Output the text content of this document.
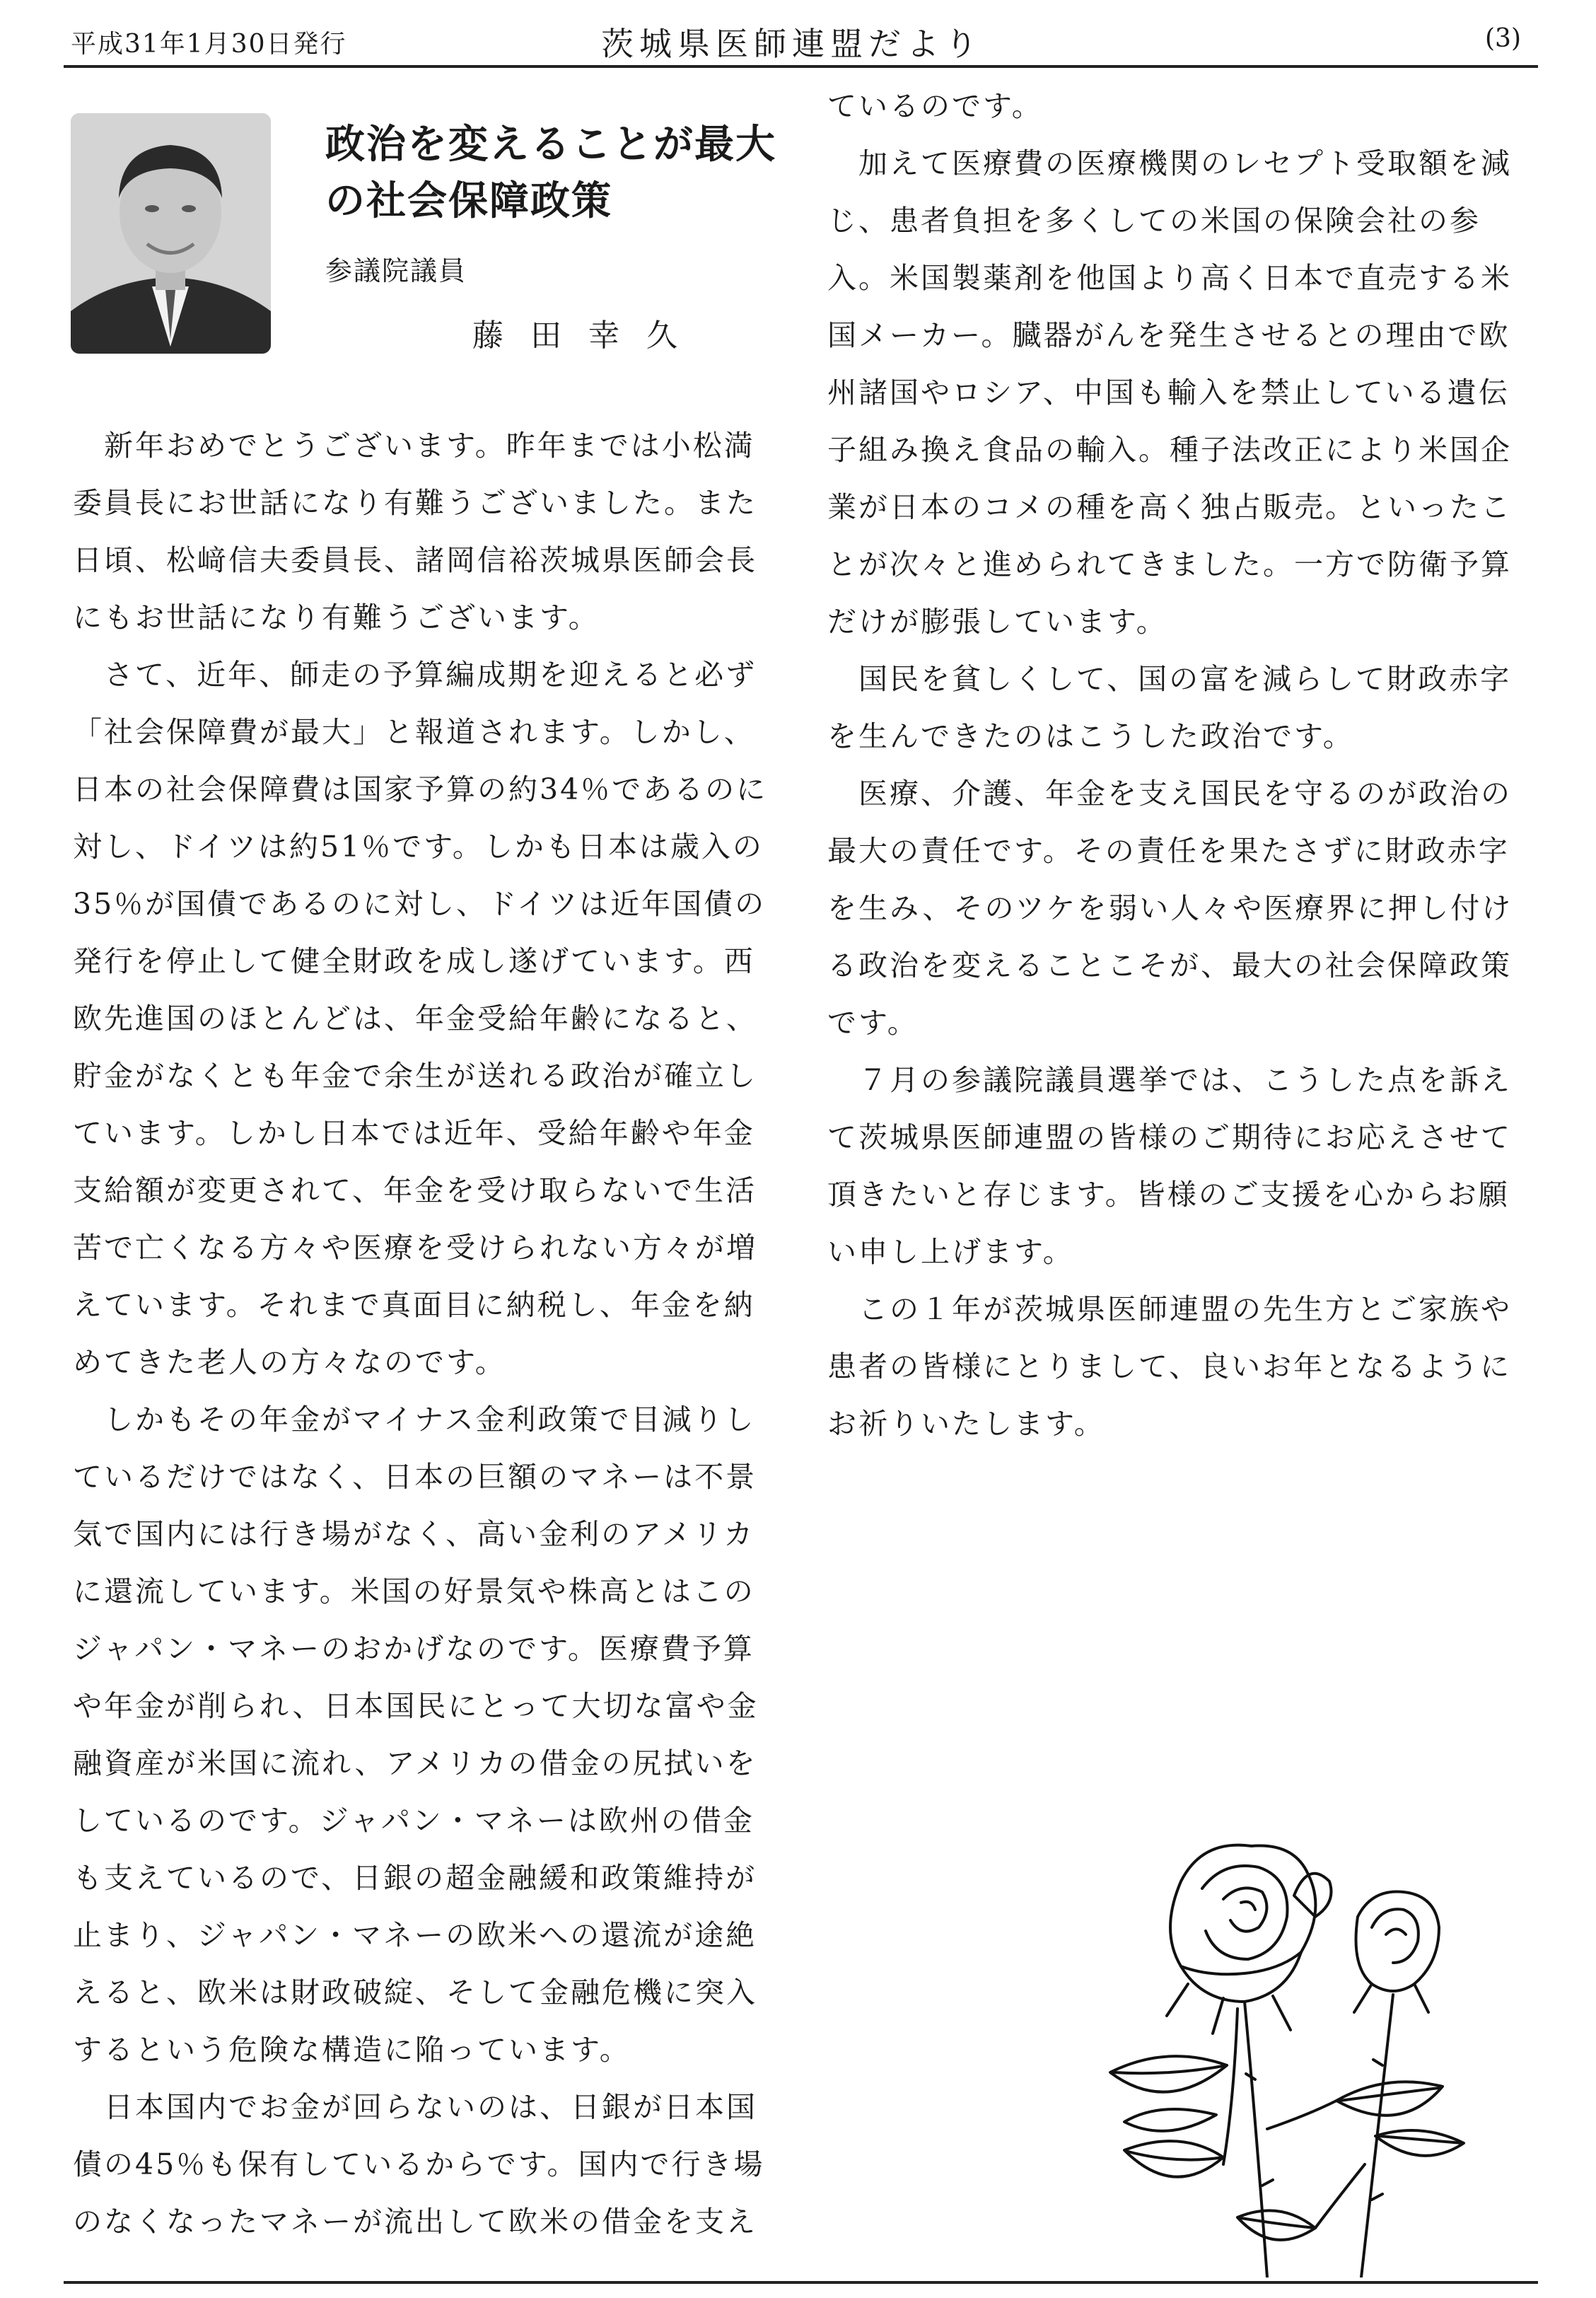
平成31年1月30日発行	茨城県医師連盟だより	(3)
政治を変えることが最大
の社会保障政策
参議院議員
藤田幸久
　新年おめでとうございます。昨年までは小松満
委員長にお世話になり有難うございました。また
日頃、松﨑信夫委員長、諸岡信裕茨城県医師会長
にもお世話になり有難うございます。
　さて、近年、師走の予算編成期を迎えると必ず
「社会保障費が最大」と報道されます。しかし、
日本の社会保障費は国家予算の約34％であるのに
対し、ドイツは約51％です。しかも日本は歳入の
35％が国債であるのに対し、ドイツは近年国債の
発行を停止して健全財政を成し遂げています。西
欧先進国のほとんどは、年金受給年齢になると、
貯金がなくとも年金で余生が送れる政治が確立し
ています。しかし日本では近年、受給年齢や年金
支給額が変更されて、年金を受け取らないで生活
苦で亡くなる方々や医療を受けられない方々が増
えています。それまで真面目に納税し、年金を納
めてきた老人の方々なのです。
　しかもその年金がマイナス金利政策で目減りし
ているだけではなく、日本の巨額のマネーは不景
気で国内には行き場がなく、高い金利のアメリカ
に還流しています。米国の好景気や株高とはこの
ジャパン・マネーのおかげなのです。医療費予算
や年金が削られ、日本国民にとって大切な富や金
融資産が米国に流れ、アメリカの借金の尻拭いを
しているのです。ジャパン・マネーは欧州の借金
も支えているので、日銀の超金融緩和政策維持が
止まり、ジャパン・マネーの欧米への還流が途絶
えると、欧米は財政破綻、そして金融危機に突入
するという危険な構造に陥っています。
　日本国内でお金が回らないのは、日銀が日本国
債の45％も保有しているからです。国内で行き場
のなくなったマネーが流出して欧米の借金を支え
ているのです。
　加えて医療費の医療機関のレセプト受取額を減
じ、患者負担を多くしての米国の保険会社の参
入。米国製薬剤を他国より高く日本で直売する米
国メーカー。臓器がんを発生させるとの理由で欧
州諸国やロシア、中国も輸入を禁止している遺伝
子組み換え食品の輸入。種子法改正により米国企
業が日本のコメの種を高く独占販売。といったこ
とが次々と進められてきました。一方で防衛予算
だけが膨張しています。
　国民を貧しくして、国の富を減らして財政赤字
を生んできたのはこうした政治です。
　医療、介護、年金を支え国民を守るのが政治の
最大の責任です。その責任を果たさずに財政赤字
を生み、そのツケを弱い人々や医療界に押し付け
る政治を変えることこそが、最大の社会保障政策
です。
　７月の参議院議員選挙では、こうした点を訴え
て茨城県医師連盟の皆様のご期待にお応えさせて
頂きたいと存じます。皆様のご支援を心からお願
い申し上げます。
　この１年が茨城県医師連盟の先生方とご家族や
患者の皆様にとりまして、良いお年となるように
お祈りいたします。
